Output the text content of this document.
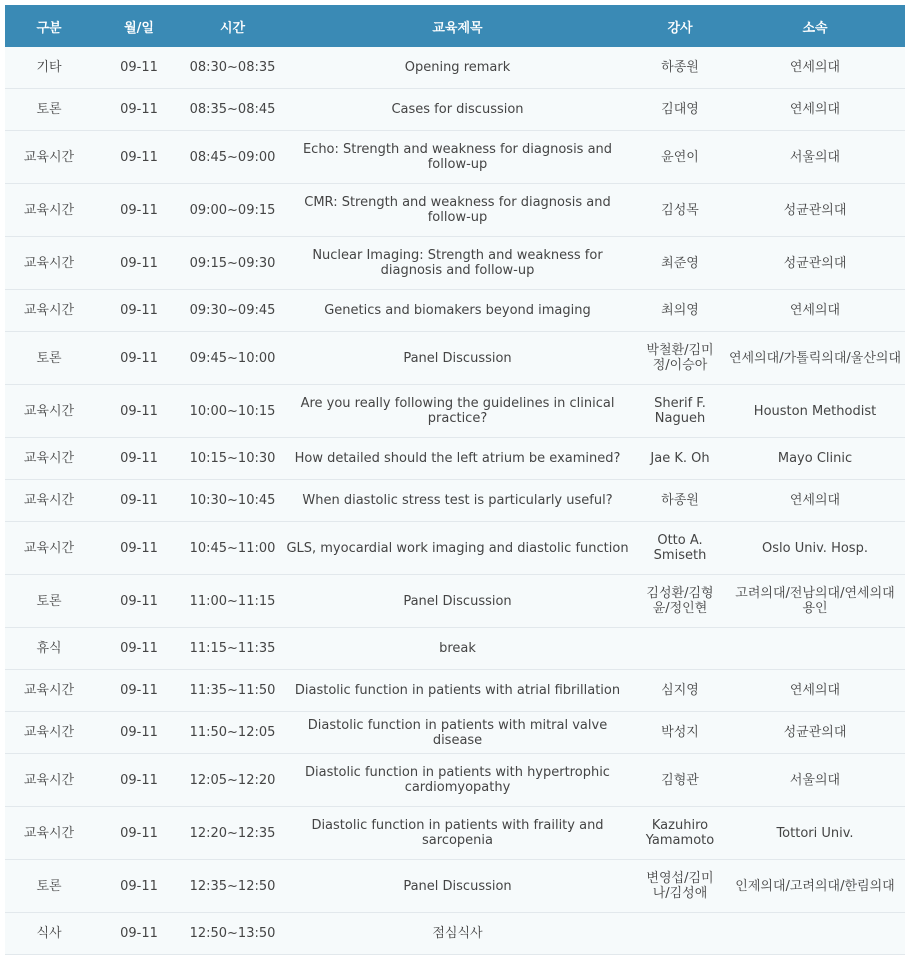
구분	월/일	시간	교육제목	강사	소속
기타	09-11	08:30~08:35	Opening remark	하종원	연세의대
토론	09-11	08:35~08:45	Cases for discussion	김대영	연세의대
교육시간	09-11	08:45~09:00	Echo: Strength and weakness for diagnosis and follow-up	윤연이	서울의대
교육시간	09-11	09:00~09:15	CMR: Strength and weakness for diagnosis and follow-up	김성목	성균관의대
교육시간	09-11	09:15~09:30	Nuclear Imaging: Strength and weakness for diagnosis and follow-up	최준영	성균관의대
교육시간	09-11	09:30~09:45	Genetics and biomakers beyond imaging	최의영	연세의대
토론	09-11	09:45~10:00	Panel Discussion	박철환/김미정/이승아	연세의대/가톨릭의대/울산의대
교육시간	09-11	10:00~10:15	Are you really following the guidelines in clinical practice?	Sherif F. Nagueh	Houston Methodist
교육시간	09-11	10:15~10:30	How detailed should the left atrium be examined?	Jae K. Oh	Mayo Clinic
교육시간	09-11	10:30~10:45	When diastolic stress test is particularly useful?	하종원	연세의대
교육시간	09-11	10:45~11:00	GLS, myocardial work imaging and diastolic function	Otto A. Smiseth	Oslo Univ. Hosp.
토론	09-11	11:00~11:15	Panel Discussion	김성환/김형윤/정인현	고려의대/전남의대/연세의대 용인
휴식	09-11	11:15~11:35	break		
교육시간	09-11	11:35~11:50	Diastolic function in patients with atrial fibrillation	심지영	연세의대
교육시간	09-11	11:50~12:05	Diastolic function in patients with mitral valve disease	박성지	성균관의대
교육시간	09-11	12:05~12:20	Diastolic function in patients with hypertrophic cardiomyopathy	김형관	서울의대
교육시간	09-11	12:20~12:35	Diastolic function in patients with fraility and sarcopenia	Kazuhiro Yamamoto	Tottori Univ.
토론	09-11	12:35~12:50	Panel Discussion	변영섭/김미나/김성애	인제의대/고려의대/한림의대
식사	09-11	12:50~13:50	점심식사		
